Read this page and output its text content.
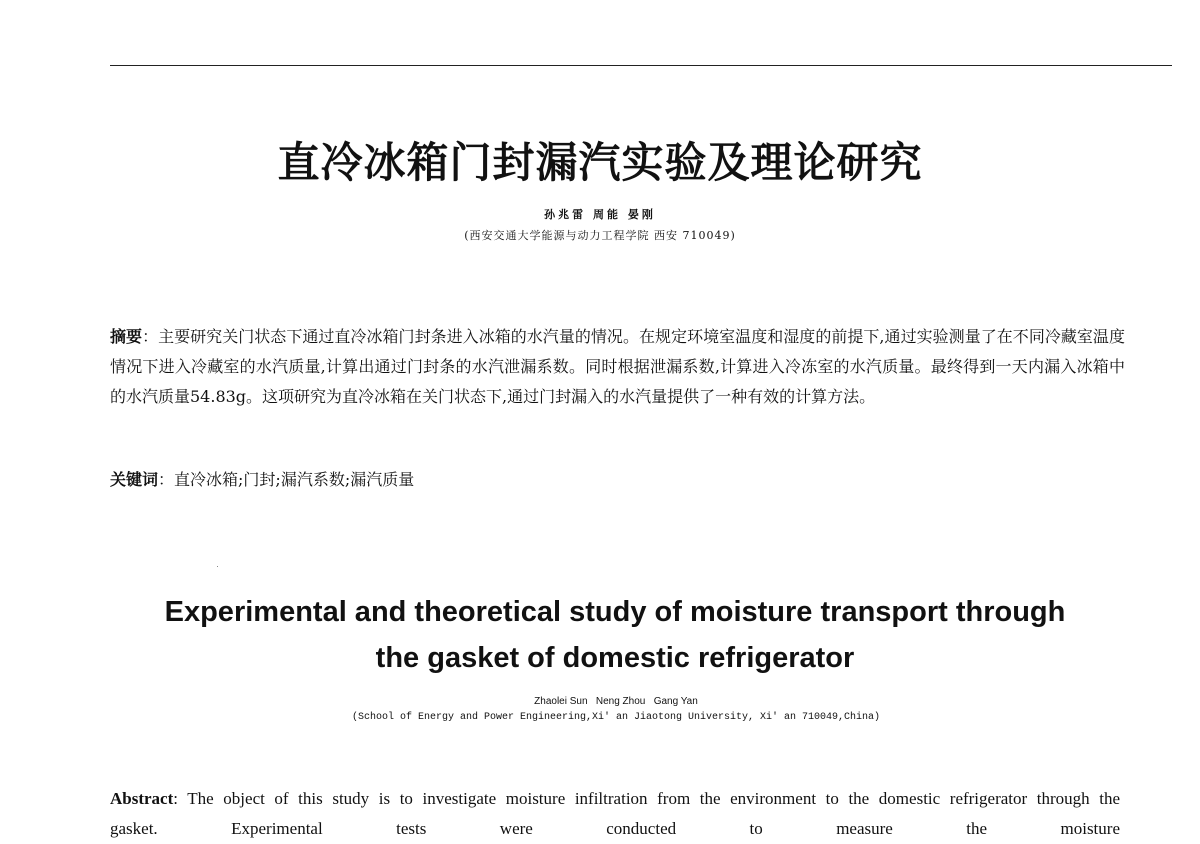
直冷冰箱门封漏汽实验及理论研究
孙兆雷 周能 晏刚
(西安交通大学能源与动力工程学院 西安 710049)
摘要：主要研究关门状态下通过直冷冰箱门封条进入冰箱的水汽量的情况。在规定环境室温度和湿度的前提下,通过实验测量了在不同冷藏室温度情况下进入冷藏室的水汽质量,计算出通过门封条的水汽泄漏系数。同时根据泄漏系数,计算进入冷冻室的水汽质量。最终得到一天内漏入冰箱中的水汽质量54.83g。这项研究为直冷冰箱在关门状态下,通过门封漏入的水汽量提供了一种有效的计算方法。
关键词：直冷冰箱;门封;漏汽系数;漏汽质量
Experimental and theoretical study of moisture transport through
the gasket of domestic refrigerator
Zhaolei Sun   Neng Zhou   Gang Yan
(School of Energy and Power Engineering,Xi' an Jiaotong University, Xi' an 710049,China)
Abstract: The object of this study is to investigate moisture infiltration from the environment to the domestic refrigerator through the gasket. Experimental tests were conducted to measure the moisture
